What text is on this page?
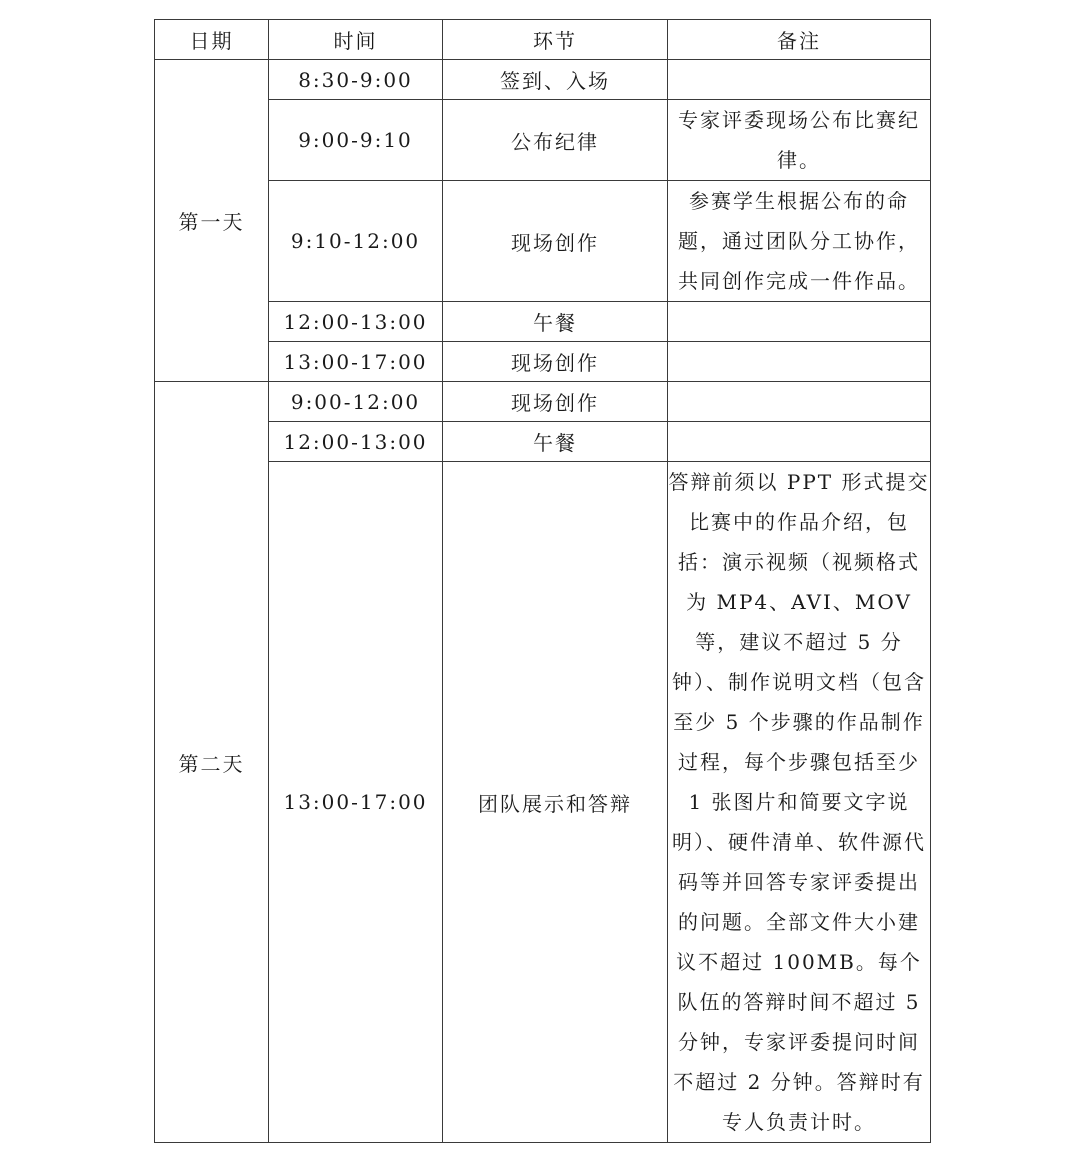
日期	时间	环节	备注
第一天	8:30-9:00	签到、入场	
	9:00-9:10	公布纪律	专家评委现场公布比赛纪律。
	9:10-12:00	现场创作	参赛学生根据公布的命题，通过团队分工协作，共同创作完成一件作品。
	12:00-13:00	午餐	
	13:00-17:00	现场创作	
第二天	9:00-12:00	现场创作	
	12:00-13:00	午餐	
	13:00-17:00	团队展示和答辩	答辩前须以 PPT 形式提交比赛中的作品介绍，包括：演示视频（视频格式为 MP4、AVI、MOV 等，建议不超过 5 分钟）、制作说明文档（包含至少 5 个步骤的作品制作过程，每个步骤包括至少 1 张图片和简要文字说明）、硬件清单、软件源代码等并回答专家评委提出的问题。全部文件大小建议不超过 100MB。每个队伍的答辩时间不超过 5 分钟，专家评委提问时间不超过 2 分钟。答辩时有专人负责计时。
